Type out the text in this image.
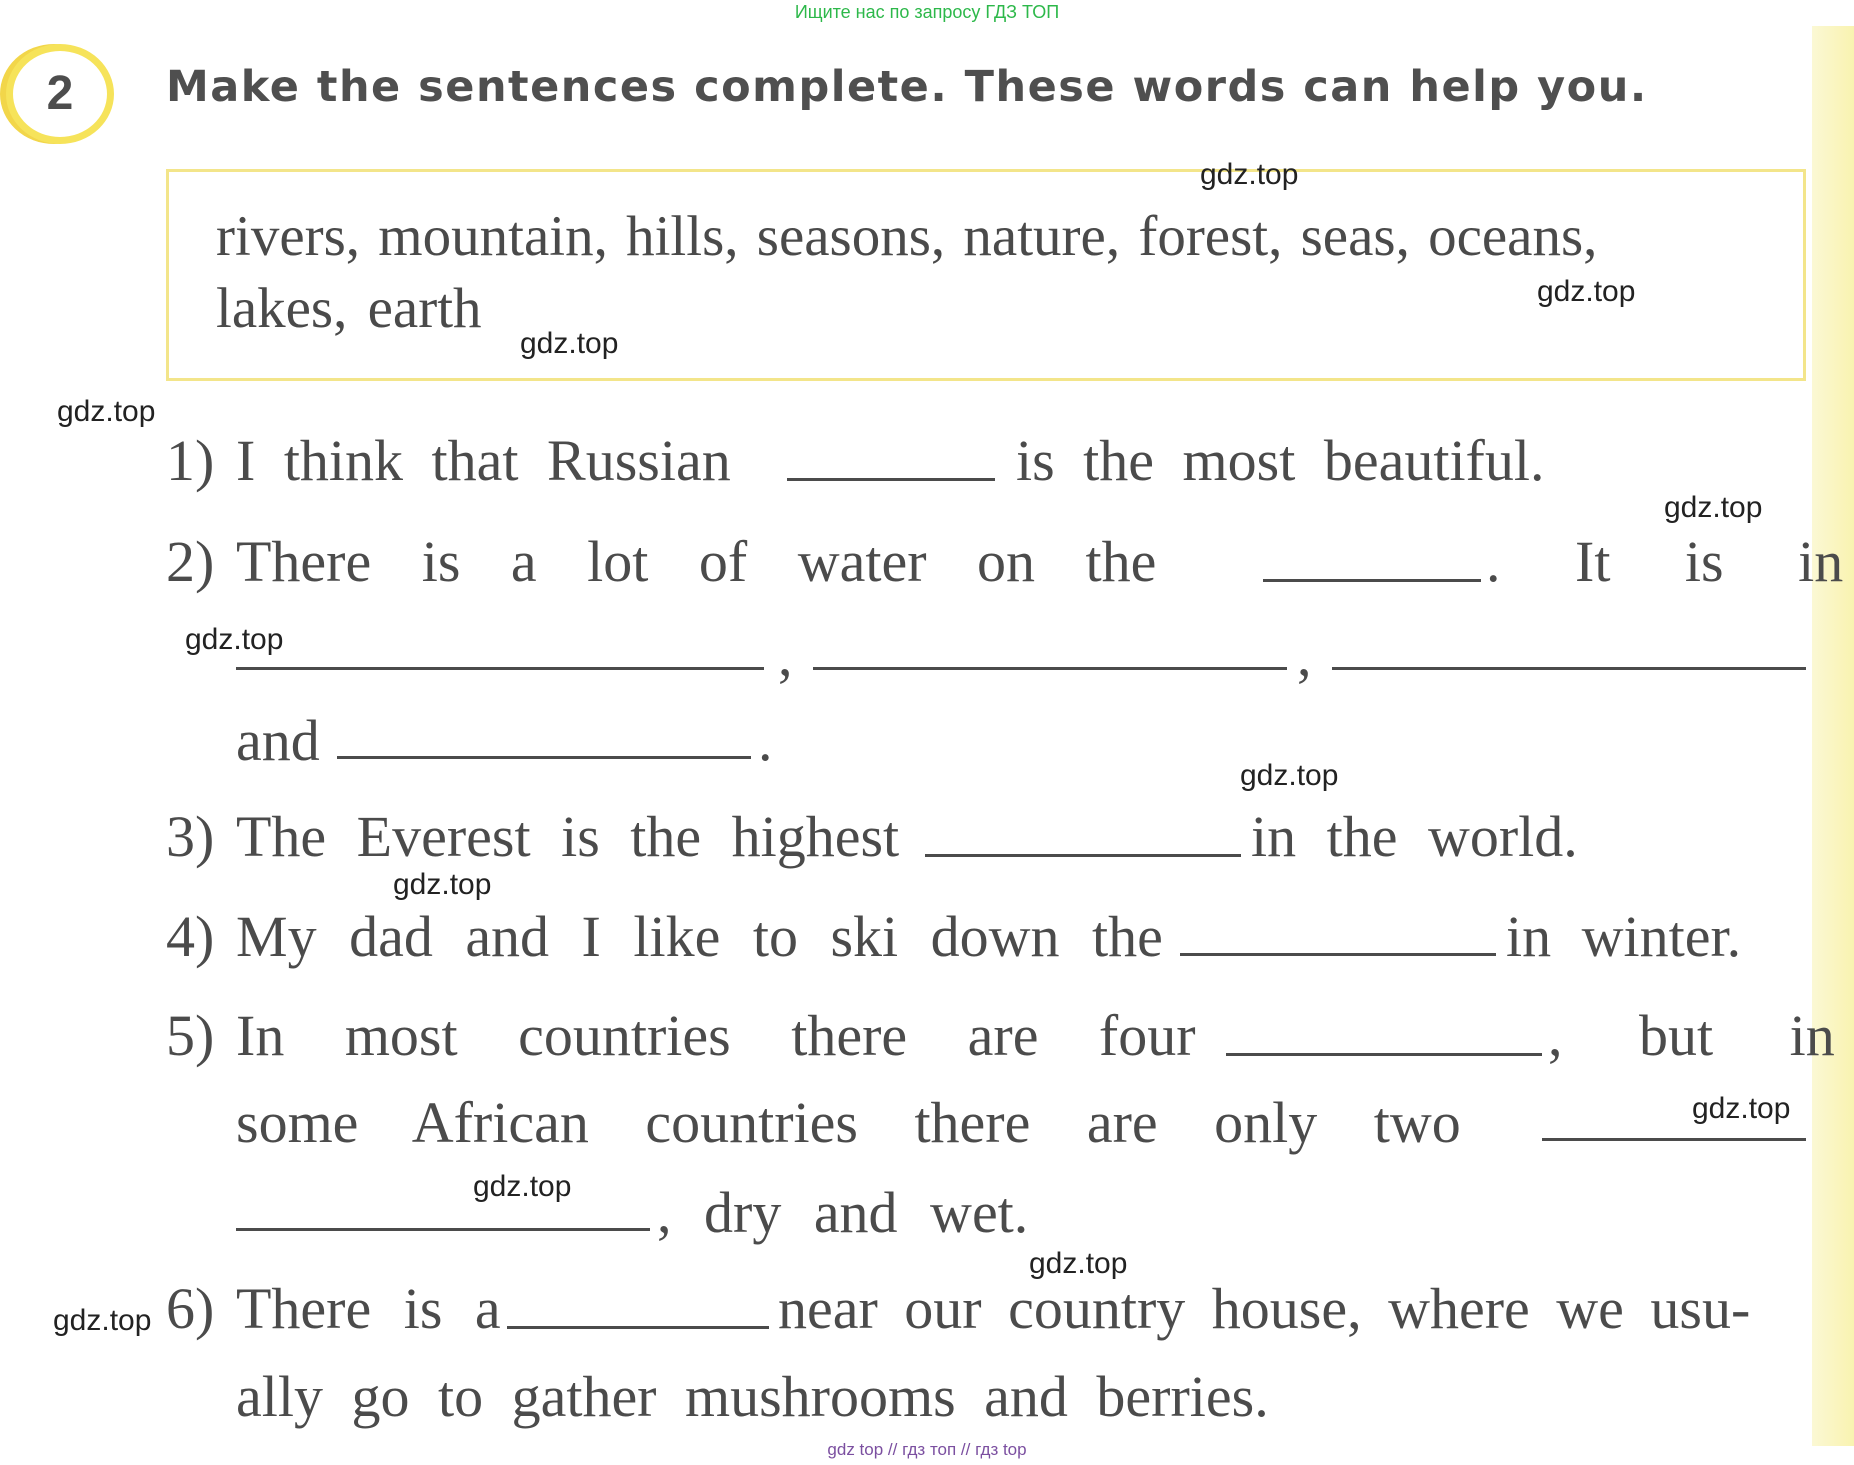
Ищите нас по запросу ГДЗ ТОП
2	Make the sentences complete. These words can help you.
rivers, mountain, hills, seasons, nature, forest, seas, oceans,
lakes, earth
1) I think that Russian	is the most beautiful.
2) There is a lot of water on the	. It is in
,	,
and	.
3) The Everest is the highest	in the world.
4) My dad and I like to ski down the	in winter.
5) In most countries there are four	, but in
some African countries there are only two
, dry and wet.
6) There is a	near our country house, where we usu-
ally go to gather mushrooms and berries.
gdz.top
gdz.top
gdz.top
gdz.top
gdz.top
gdz.top
gdz.top
gdz.top
gdz.top
gdz.top
gdz.top
gdz.top
gdz top // гдз топ // гдз top
